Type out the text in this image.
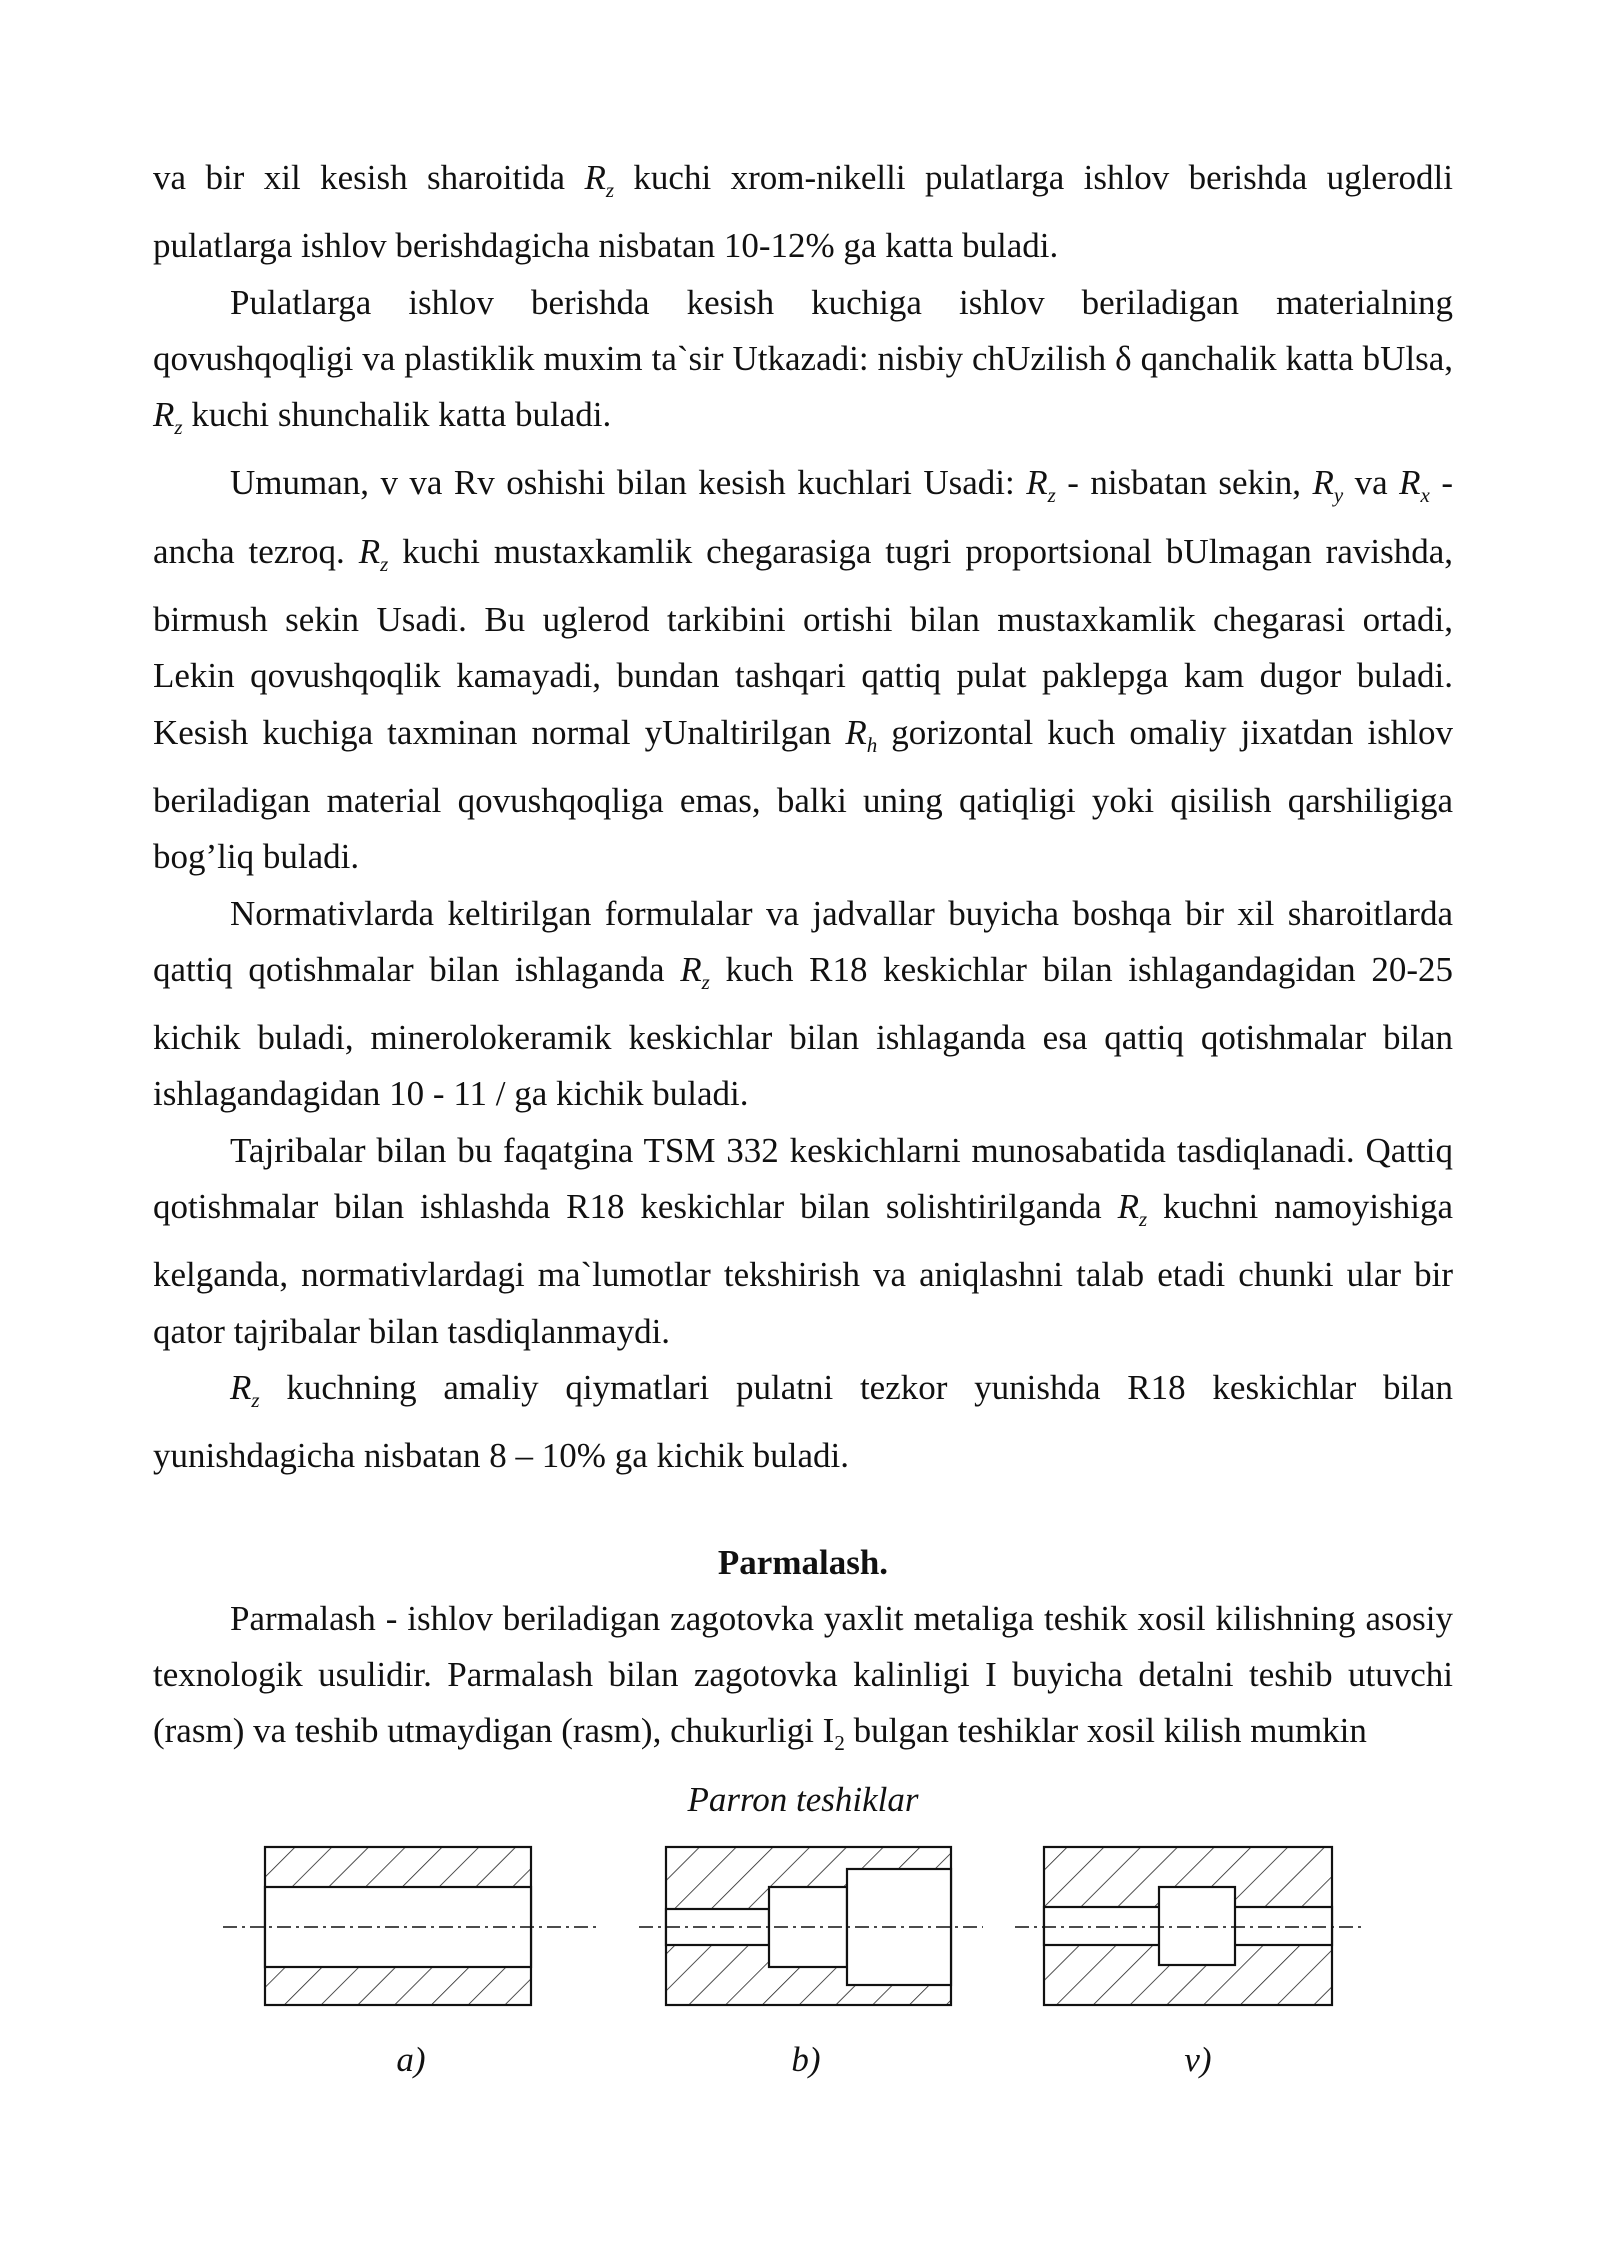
va bir xil kesish sharoitida $R_z$ kuchi xrom-nikelli pulatlarga ishlov berishda uglerodli pulatlarga ishlov berishdagicha nisbatan 10-12% ga katta buladi.

Pulatlarga ishlov berishda kesish kuchiga ishlov beriladigan materialning qovushqoqligi va plastiklik muxim ta`sir Utkazadi: nisbiy chUzilish δ qanchalik katta bUlsa, $R_z$ kuchi shunchalik katta buladi.

Umuman, v va Rv oshishi bilan kesish kuchlari Usadi: $R_z$ - nisbatan sekin, $R_y$ va $R_x$ -ancha tezroq. $R_z$ kuchi mustaxkamlik chegarasiga tugri proportsional bUlmagan ravishda, birmush sekin Usadi. Bu uglerod tarkibini ortishi bilan mustaxkamlik chegarasi ortadi, Lekin qovushqoqlik kamayadi, bundan tashqari qattiq pulat paklepga kam dugor buladi. Kesish kuchiga taxminan normal yUnaltirilgan $R_h$ gorizontal kuch omaliy jixatdan ishlov beriladigan material qovushqoqliga emas, balki uning qatiqligi yoki qisilish qarshiligiga bog’liq buladi.

Normativlarda keltirilgan formulalar va jadvallar buyicha boshqa bir xil sharoitlarda qattiq qotishmalar bilan ishlaganda $R_z$ kuch R18 keskichlar bilan ishlagandagidan 20-25 kichik buladi, minerolokeramik keskichlar bilan ishlaganda esa qattiq qotishmalar bilan ishlagandagidan 10 - 11 / ga kichik buladi.

Tajribalar bilan bu faqatgina TSM 332 keskichlarni munosabatida tasdiqlanadi. Qattiq qotishmalar bilan ishlashda R18 keskichlar bilan solishtirilganda $R_z$ kuchni namoyishiga kelganda, normativlardagi ma`lumotlar tekshirish va aniqlashni talab etadi chunki ular bir qator tajribalar bilan tasdiqlanmaydi.

$R_z$ kuchning amaliy qiymatlari pulatni tezkor yunishda R18 keskichlar bilan yunishdagicha nisbatan 8 – 10% ga kichik buladi.

Parmalash.

Parmalash - ishlov beriladigan zagotovka yaxlit metaliga teshik xosil kilishning asosiy texnologik usulidir. Parmalash bilan zagotovka kalinligi I buyicha detalni teshib utuvchi (rasm) va teshib utmaydigan (rasm), chukurligi $I_2$ bulgan teshiklar xosil kilish mumkin

Parron teshiklar
a)	b)	v)
